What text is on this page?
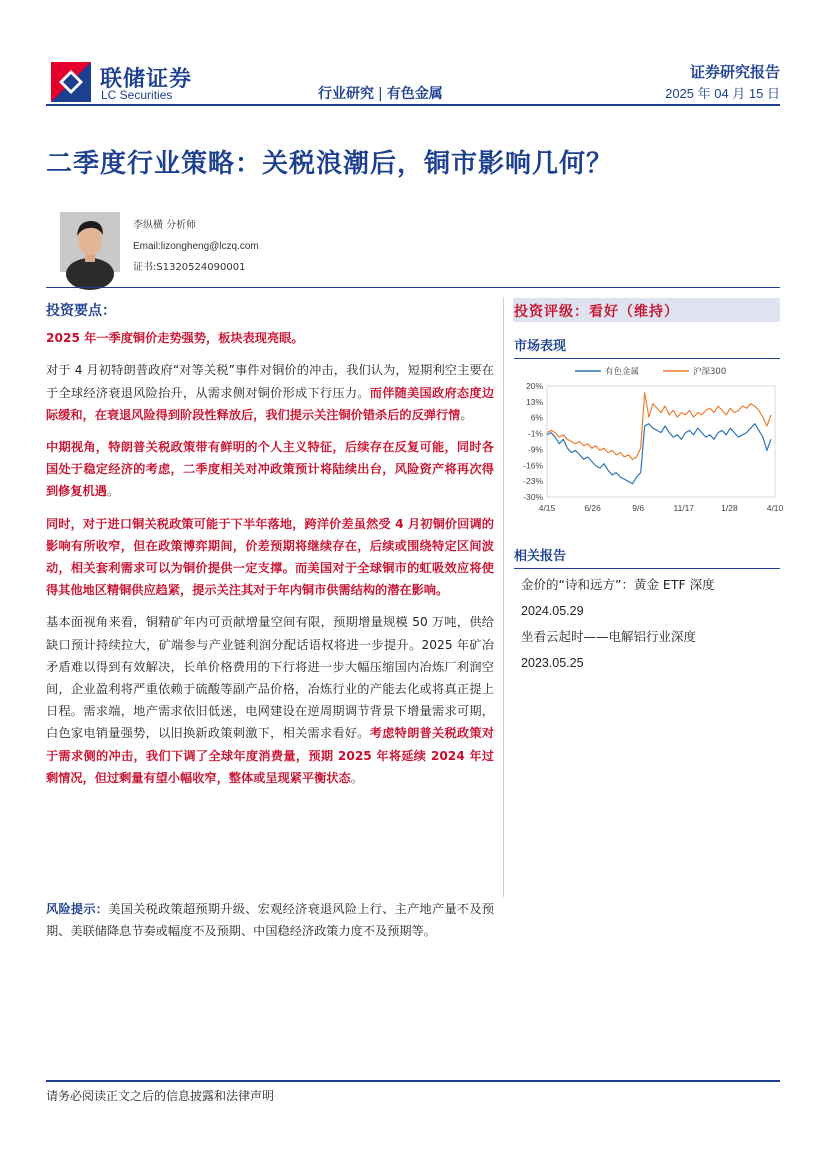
联储证券
LC Securities	行业研究 | 有色金属
证券研究报告
2025 年 04 月 15 日
二季度行业策略：关税浪潮后，铜市影响几何？
李纵横 分析师
Email:lizongheng@lczq.com
证书:S1320524090001

投资要点：

2025 年一季度铜价走势强势，板块表现亮眼。

对于 4 月初特朗普政府“对等关税”事件对铜价的冲击，我们认为，短期利空主要在于全球经济衰退风险抬升，从需求侧对铜价形成下行压力。而伴随美国政府态度边际缓和，在衰退风险得到阶段性释放后，我们提示关注铜价错杀后的反弹行情。

中期视角，特朗普关税政策带有鲜明的个人主义特征，后续存在反复可能，同时各国处于稳定经济的考虑，二季度相关对冲政策预计将陆续出台，风险资产将再次得到修复机遇。

同时，对于进口铜关税政策可能于下半年落地，跨洋价差虽然受 4 月初铜价回调的影响有所收窄，但在政策博弈期间，价差预期将继续存在，后续或围绕特定区间波动，相关套利需求可以为铜价提供一定支撑。而美国对于全球铜市的虹吸效应将使得其他地区精铜供应趋紧，提示关注其对于年内铜市供需结构的潜在影响。

基本面视角来看，铜精矿年内可贡献增量空间有限，预期增量规模 50 万吨，供给缺口预计持续拉大，矿端参与产业链利润分配话语权将进一步提升。2025 年矿冶矛盾难以得到有效解决，长单价格费用的下行将进一步大幅压缩国内冶炼厂利润空间，企业盈利将严重依赖于硫酸等副产品价格，冶炼行业的产能去化或将真正提上日程。需求端，地产需求依旧低迷，电网建设在逆周期调节背景下增量需求可期，白色家电销量强势，以旧换新政策刺激下，相关需求看好。考虑特朗普关税政策对于需求侧的冲击，我们下调了全球年度消费量，预期 2025 年将延续 2024 年过剩情况，但过剩量有望小幅收窄，整体或呈现紧平衡状态。

风险提示：美国关税政策超预期升级、宏观经济衰退风险上行、主产地产量不及预期、美联储降息节奏或幅度不及预期、中国稳经济政策力度不及预期等。
投资评级：看好（维持）
市场表现
20%
13%
6%
-1%
-9%
-16%
-23%
-30%
4/15	6/26	9/6	11/17	1/28	4/10
有色金属	沪深300
相关报告
金价的“诗和远方”：黄金 ETF 深度
2024.05.29
坐看云起时——电解铝行业深度
2023.05.25
请务必阅读正文之后的信息披露和法律声明
